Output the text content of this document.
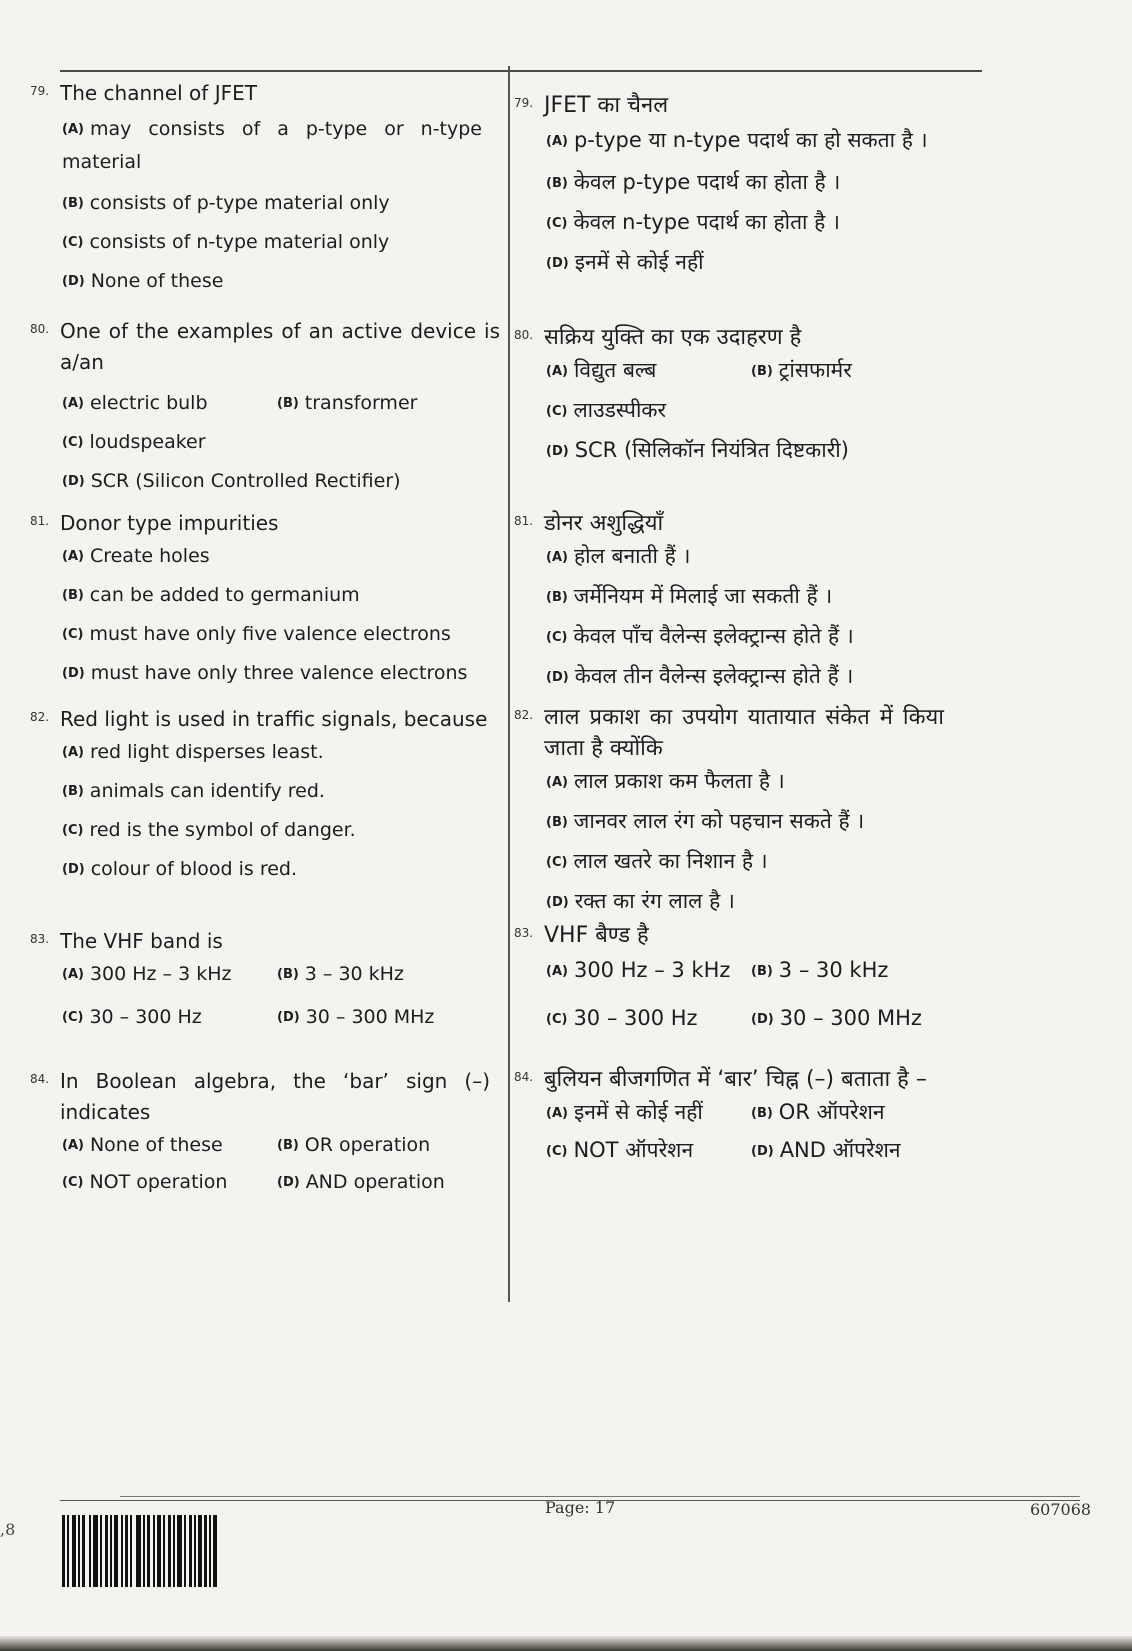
79. The channel of JFET
(A) may consists of a p-type or n-type material
(B) consists of p-type material only
(C) consists of n-type material only
(D) None of these
80. One of the examples of an active device is a/an
(A) electric bulb	(B) transformer
(C) loudspeaker
(D) SCR (Silicon Controlled Rectifier)
81. Donor type impurities
(A) Create holes
(B) can be added to germanium
(C) must have only five valence electrons
(D) must have only three valence electrons
82. Red light is used in traffic signals, because
(A) red light disperses least.
(B) animals can identify red.
(C) red is the symbol of danger.
(D) colour of blood is red.
83. The VHF band is
(A) 300 Hz – 3 kHz	(B) 3 – 30 kHz
(C) 30 – 300 Hz	(D) 30 – 300 MHz
84. In Boolean algebra, the ‘bar’ sign (–) indicates
(A) None of these	(B) OR operation
(C) NOT operation	(D) AND operation
79. JFET का चैनल
(A) p-type या n-type पदार्थ का हो सकता है ।
(B) केवल p-type पदार्थ का होता है ।
(C) केवल n-type पदार्थ का होता है ।
(D) इनमें से कोई नहीं
80. सक्रिय युक्ति का एक उदाहरण है
(A) विद्युत बल्ब	(B) ट्रांसफार्मर
(C) लाउडस्पीकर
(D) SCR (सिलिकॉन नियंत्रित दिष्टकारी)
81. डोनर अशुद्धियाँ
(A) होल बनाती हैं ।
(B) जर्मेनियम में मिलाई जा सकती हैं ।
(C) केवल पाँच वैलेन्स इलेक्ट्रान्स होते हैं ।
(D) केवल तीन वैलेन्स इलेक्ट्रान्स होते हैं ।
82. लाल प्रकाश का उपयोग यातायात संकेत में किया जाता है क्योंकि
(A) लाल प्रकाश कम फैलता है ।
(B) जानवर लाल रंग को पहचान सकते हैं ।
(C) लाल खतरे का निशान है ।
(D) रक्त का रंग लाल है ।
83. VHF बैण्ड है
(A) 300 Hz – 3 kHz	(B) 3 – 30 kHz
(C) 30 – 300 Hz	(D) 30 – 300 MHz
84. बुलियन बीजगणित में ‘बार’ चिह्न (–) बताता है –
(A) इनमें से कोई नहीं	(B) OR ऑपरेशन
(C) NOT ऑपरेशन	(D) AND ऑपरेशन
,8
Page: 17	607068
